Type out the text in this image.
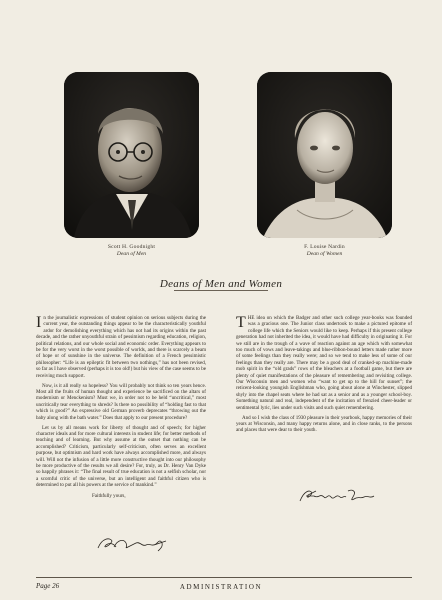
Scott H. Goodnight
Dean of Men
F. Louise Nardin
Dean of Women
Deans of Men and Women

In the journalistic expressions of student opinion on serious subjects during the current year, the outstanding things appear to be the characteristically youthful ardor for demolishing everything which has not had its origins within the past decade, and the rather unyouthful strain of pessimism regarding education, religion, political relations, and our whole social and economic order. Everything appears to be for the very worst in the worst possible of worlds, and there is scarcely a beam of hope or of sunshine in the universe. The definition of a French pessimistic philosopher: “Life is an epileptic fit between two nothings,” has not been revised, so far as I have observed (perhaps it is too old!) but his view of the case seems to be receiving much support.

Now, is it all really so hopeless? You will probably not think so ten years hence. Most all the fruits of human thought and experience be sacrificed on the altars of modernism or Menckenism? Must we, in order not to be held “uncritical,” most uncritically tear everything to shreds? Is there no possibility of “holding fast to that which is good?” An expressive old German proverb deprecates “throwing out the baby along with the bath water.” Does that apply to our present procedure?

Let us by all means work for liberty of thought and of speech; for higher character ideals and for more cultural interests in student life; for better methods of teaching and of learning. But why assume at the outset that nothing can be accomplished? Criticism, particularly self-criticism, often serves an excellent purpose, but optimism and hard work have always accomplished more, and always will. Will not the infusion of a little more constructive thought into our philosophy be more productive of the results we all desire? For, truly, as Dr. Henry Van Dyke so happily phrases it: “The final result of true education is not a selfish scholar, nor a scornful critic of the universe, but an intelligent and faithful citizen who is determined to put all his powers at the service of mankind.”

Faithfully yours,

THE idea on which the Badger and other such college year-books was founded was a gracious one. The Junior class undertook to make a pictured epitome of college life which the Seniors would like to keep. Perhaps if this present college generation had not inherited the idea, it would have had difficulty in originating it. For we still are in the trough of a wave of reaction against an age which with somewhat too much of vows and leave-takings and blue-ribbon-bound letters made rather more of some feelings than they really were; and so we tend to make less of some of our feelings than they really are. There may be a good deal of cranked-up machine-made mob spirit in the “old grads” rows of the bleachers at a football game, but there are plenty of quiet manifestations of the pleasure of remembering and revisiting college. Our Wisconsin men and women who “want to get up to the hill for sunset”; the reticent-looking youngish Englishman who, going about alone at Winchester, slipped shyly into the chapel seats where he had sat as a senior and as a younger school-boy. Something natural and real, independent of the incitation of frenzied cheer-leader or sentimental lyric, lies under such visits and such quiet remembering.

And so I wish the class of 1930 pleasure in their yearbook, happy memories of their years at Wisconsin, and many happy returns alone, and in close ranks, to the persons and places that were dear to their youth.

Page 26	ADMINISTRATION
